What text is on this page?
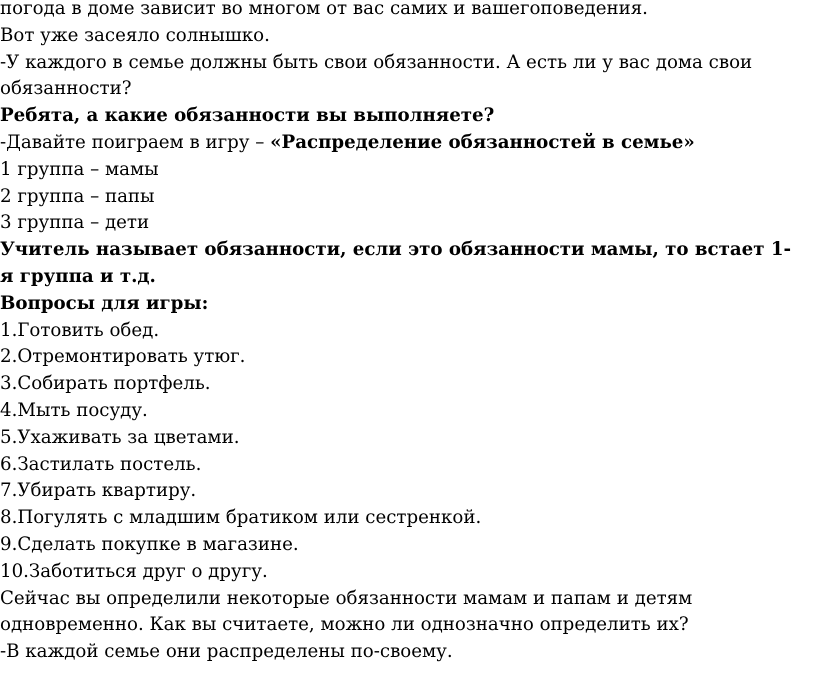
погода в доме зависит во многом от вас самих и вашегоповедения.
Вот уже засеяло солнышко.
-У каждого в семье должны быть свои обязанности. А есть ли у вас дома свои
обязанности?
Ребята, а какие обязанности вы выполняете?
-Давайте поиграем в игру – «Распределение обязанностей в семье»
1 группа – мамы
2 группа – папы
3 группа – дети
Учитель называет обязанности, если это обязанности мамы, то встает 1-
я группа и т.д.
Вопросы для игры:
1.Готовить обед.
2.Отремонтировать утюг.
3.Собирать портфель.
4.Мыть посуду.
5.Ухаживать за цветами.
6.Застилать постель.
7.Убирать квартиру.
8.Погулять с младшим братиком или сестренкой.
9.Сделать покупке в магазине.
10.Заботиться друг о другу.
Сейчас вы определили некоторые обязанности мамам и папам и детям
одновременно. Как вы считаете, можно ли однозначно определить их?
-В каждой семье они распределены по-своему.
